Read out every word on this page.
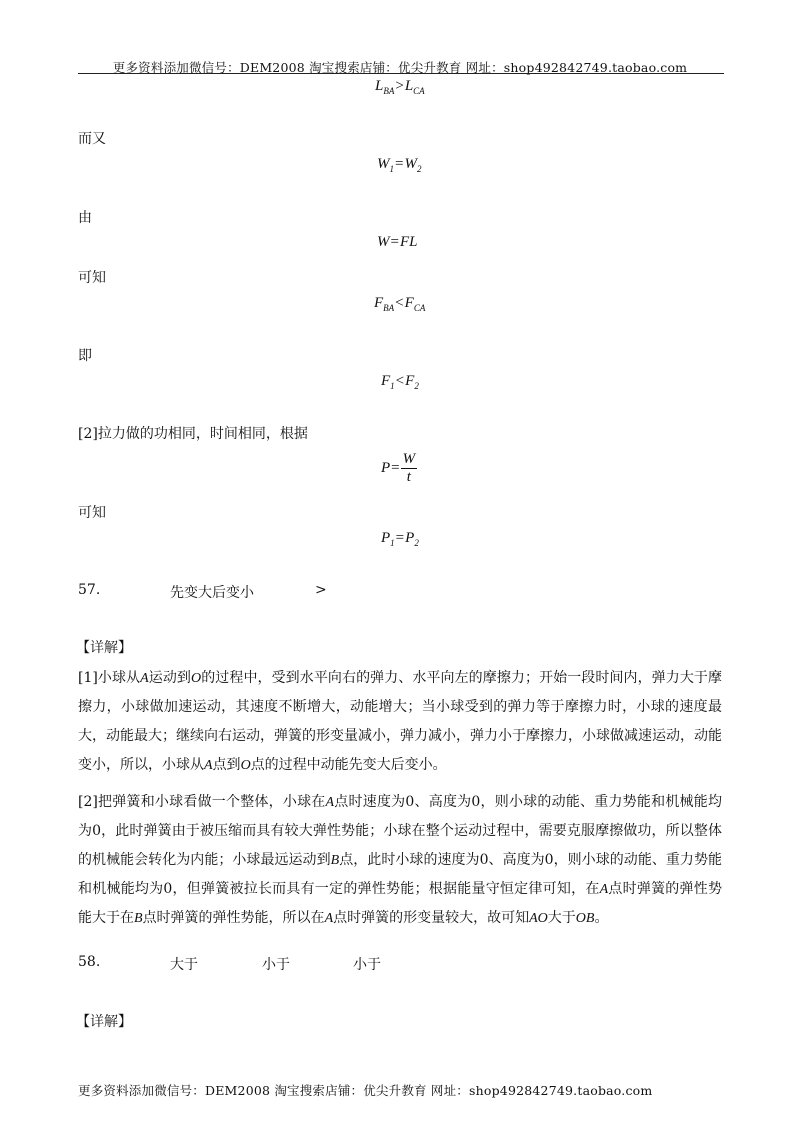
更多资料添加微信号：DEM2008 淘宝搜索店铺：优尖升教育 网址：shop492842749.taobao.com
$L_{BA}>L_{CA}$
而又
$W_1=W_2$
由
W=FL
可知
$F_{BA}<F_{CA}$
即
$F_1<F_2$
[2]拉力做的功相同，时间相同，根据
$P= \frac{W}{t}$
可知
$P_1=P_2$
57.	先变大后变小	>
【详解】
[1]小球从A运动到O的过程中，受到水平向右的弹力、水平向左的摩擦力；开始一段时间内，弹力大于摩擦力，小球做加速运动，其速度不断增大，动能增大；当小球受到的弹力等于摩擦力时，小球的速度最大，动能最大；继续向右运动，弹簧的形变量减小，弹力减小，弹力小于摩擦力，小球做减速运动，动能变小，所以，小球从A点到O点的过程中动能先变大后变小。
[2]把弹簧和小球看做一个整体，小球在A点时速度为0、高度为0，则小球的动能、重力势能和机械能均为0，此时弹簧由于被压缩而具有较大弹性势能；小球在整个运动过程中，需要克服摩擦做功，所以整体的机械能会转化为内能；小球最远运动到B点，此时小球的速度为0、高度为0，则小球的动能、重力势能和机械能均为0，但弹簧被拉长而具有一定的弹性势能；根据能量守恒定律可知，在A点时弹簧的弹性势能大于在B点时弹簧的弹性势能，所以在A点时弹簧的形变量较大，故可知AO大于OB。
58.	大于	小于	小于
【详解】
更多资料添加微信号：DEM2008 淘宝搜索店铺：优尖升教育 网址：shop492842749.taobao.com
